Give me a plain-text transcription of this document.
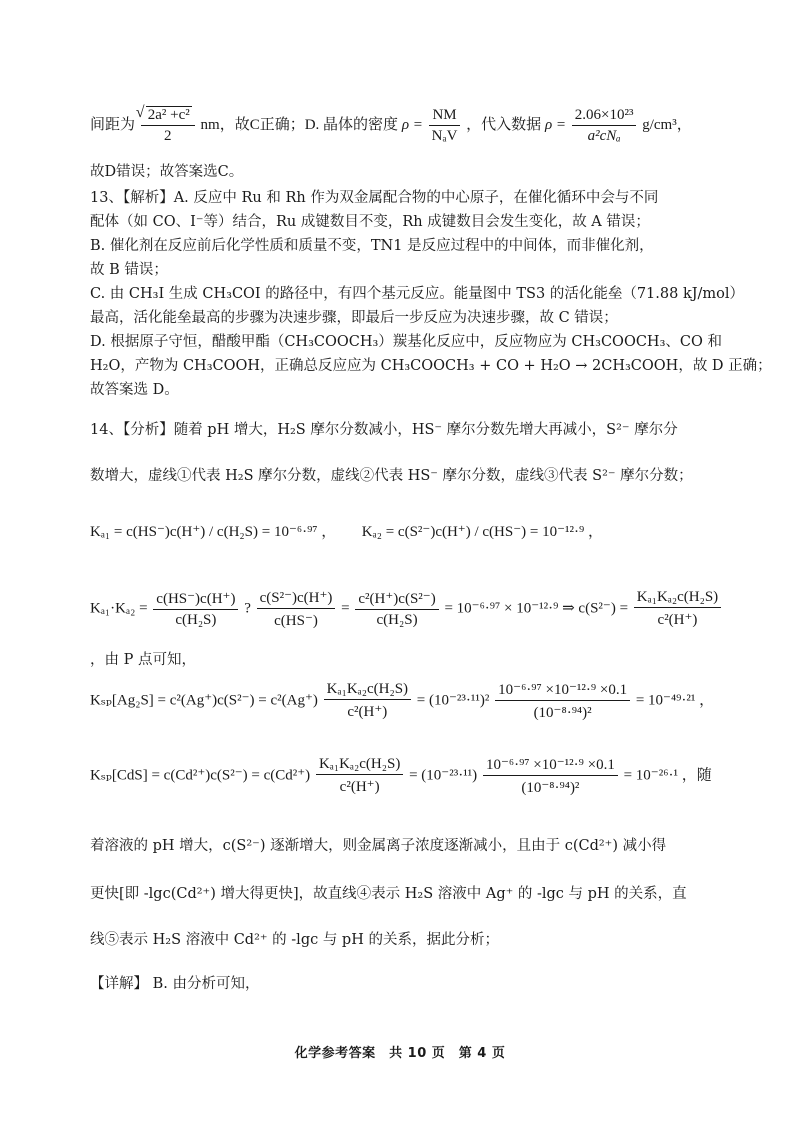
间距为
√ $\frac{\text{2a² +c²}}{2}$ nm，故C正确；D. 晶体的密度 $\rho = \frac{NM}{\text{NₐV}}$ ，代入数据 $\rho = \frac{\text{2.06×10²³}}{\text{a²cNₐ}} g/cm^3$，
故D错误；故答案选C。
13、【解析】A. 反应中 Ru 和 Rh 作为双金属配合物的中心原子，在催化循环中会与不同
配体（如 CO、I⁻等）结合，Ru 成键数目不变，Rh 成键数目会发生变化，故 A 错误；
B. 催化剂在反应前后化学性质和质量不变，TN1 是反应过程中的中间体，而非催化剂，
故 B 错误；
C. 由 CH₃I 生成 CH₃COI 的路径中，有四个基元反应。能量图中 TS3 的活化能垒（71.88 kJ/mol）
最高，活化能垒最高的步骤为决速步骤，即最后一步反应为决速步骤，故 C 错误；
D. 根据原子守恒，醋酸甲酯（CH₃COOCH₃）羰基化反应中，反应物应为 CH₃COOCH₃、CO 和
H₂O，产物为 CH₃COOH，正确总反应应为 CH₃COOCH₃ + CO + H₂O → 2CH₃COOH，故 D 正确；
故答案选 D。
14、【分析】随着 pH 增大，H₂S 摩尔分数减小，HS⁻ 摩尔分数先增大再减小，S²⁻ 摩尔分
数增大，虚线①代表 H₂S 摩尔分数，虚线②代表 HS⁻ 摩尔分数，虚线③代表 S²⁻ 摩尔分数；
Kₐ₁ = c(HS⁻)c(H⁺) / c(H₂S) = 10⁻⁶·⁹⁷ ， Kₐ₂ = c(S²⁻)c(H⁺) / c(HS⁻) = 10⁻¹²·⁹ ，
$K_{a1}\cdot K_{a2} = \frac{c(HS^-)c(H^+)}{\text{c(H₂S)}}$ ? $\frac{\text{c(S²⁻)c(H⁺)}}{c(HS^-)} = \frac{\text{c²(H⁺)c(S²⁻)}}{\text{c(H₂S)}} = 10^{-6}\cdot^{97} \times 10^{-12}\cdot^9$ ⇒ $c(S^{2-}) = \frac{\text{Kₐ₁Kₐ₂c(H₂S)}}{\text{c²(H⁺)}}$
，由 P 点可知，
$K_{sp}[Ag_2S] = c^2(Ag^+)c(S^{2-}) = c^2(Ag^+) \frac{\text{Kₐ₁Kₐ₂c(H₂S)}}{\text{c²(H⁺)}} = (10^{-23}\cdot^{11})^2 \frac{\text{10⁻⁶·⁹⁷ ×10⁻¹²·⁹ ×0.1}}{\text{(10⁻⁸·⁹⁴)²}} = 10^{-49}\cdot^{21}$ ，
$K_{sp}[CdS] = c(Cd^{2+})c(S^{2-}) = c(Cd^{2+}) \frac{\text{Kₐ₁Kₐ₂c(H₂S)}}{\text{c²(H⁺)}} = (10^{-23}\cdot^{11}) \frac{\text{10⁻⁶·⁹⁷ ×10⁻¹²·⁹ ×0.1}}{\text{(10⁻⁸·⁹⁴)²}} = 10^{-26}\cdot^1$ ，随
着溶液的 pH 增大，c(S²⁻) 逐渐增大，则金属离子浓度逐渐减小，且由于 c(Cd²⁺) 减小得
更快[即 -lgc(Cd²⁺) 增大得更快]，故直线④表示 H₂S 溶液中 Ag⁺ 的 -lgc 与 pH 的关系，直
线⑤表示 H₂S 溶液中 Cd²⁺ 的 -lgc 与 pH 的关系，据此分析；
【详解】 B. 由分析可知，
化学参考答案　共 10 页　第 4 页
